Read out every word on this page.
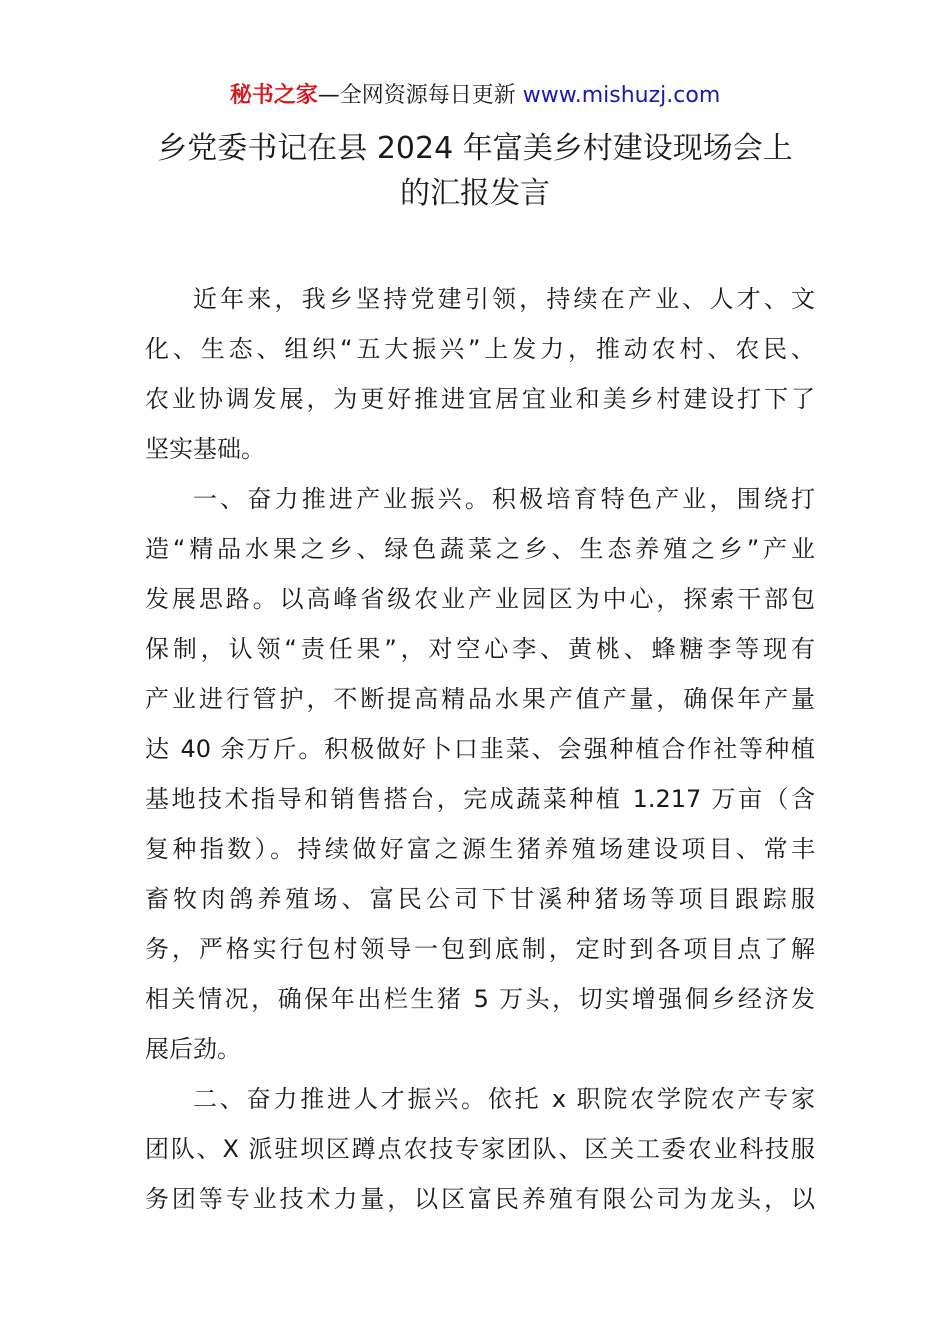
秘书之家—全网资源每日更新 www.mishuzj.com
乡党委书记在县 2024 年富美乡村建设现场会上
的汇报发言
近年来，我乡坚持党建引领，持续在产业、人才、文
化、生态、组织“五大振兴”上发力，推动农村、农民、
农业协调发展，为更好推进宜居宜业和美乡村建设打下了
坚实基础。
一、奋力推进产业振兴。积极培育特色产业，围绕打
造“精品水果之乡、绿色蔬菜之乡、生态养殖之乡”产业
发展思路。以高峰省级农业产业园区为中心，探索干部包
保制，认领“责任果”，对空心李、黄桃、蜂糖李等现有
产业进行管护，不断提高精品水果产值产量，确保年产量
达 40 余万斤。积极做好卜口韭菜、会强种植合作社等种植
基地技术指导和销售搭台，完成蔬菜种植 1.217 万亩（含
复种指数）。持续做好富之源生猪养殖场建设项目、常丰
畜牧肉鸽养殖场、富民公司下甘溪种猪场等项目跟踪服
务，严格实行包村领导一包到底制，定时到各项目点了解
相关情况，确保年出栏生猪 5 万头，切实增强侗乡经济发
展后劲。
二、奋力推进人才振兴。依托 x 职院农学院农产专家
团队、X 派驻坝区蹲点农技专家团队、区关工委农业科技服
务团等专业技术力量，以区富民养殖有限公司为龙头，以
